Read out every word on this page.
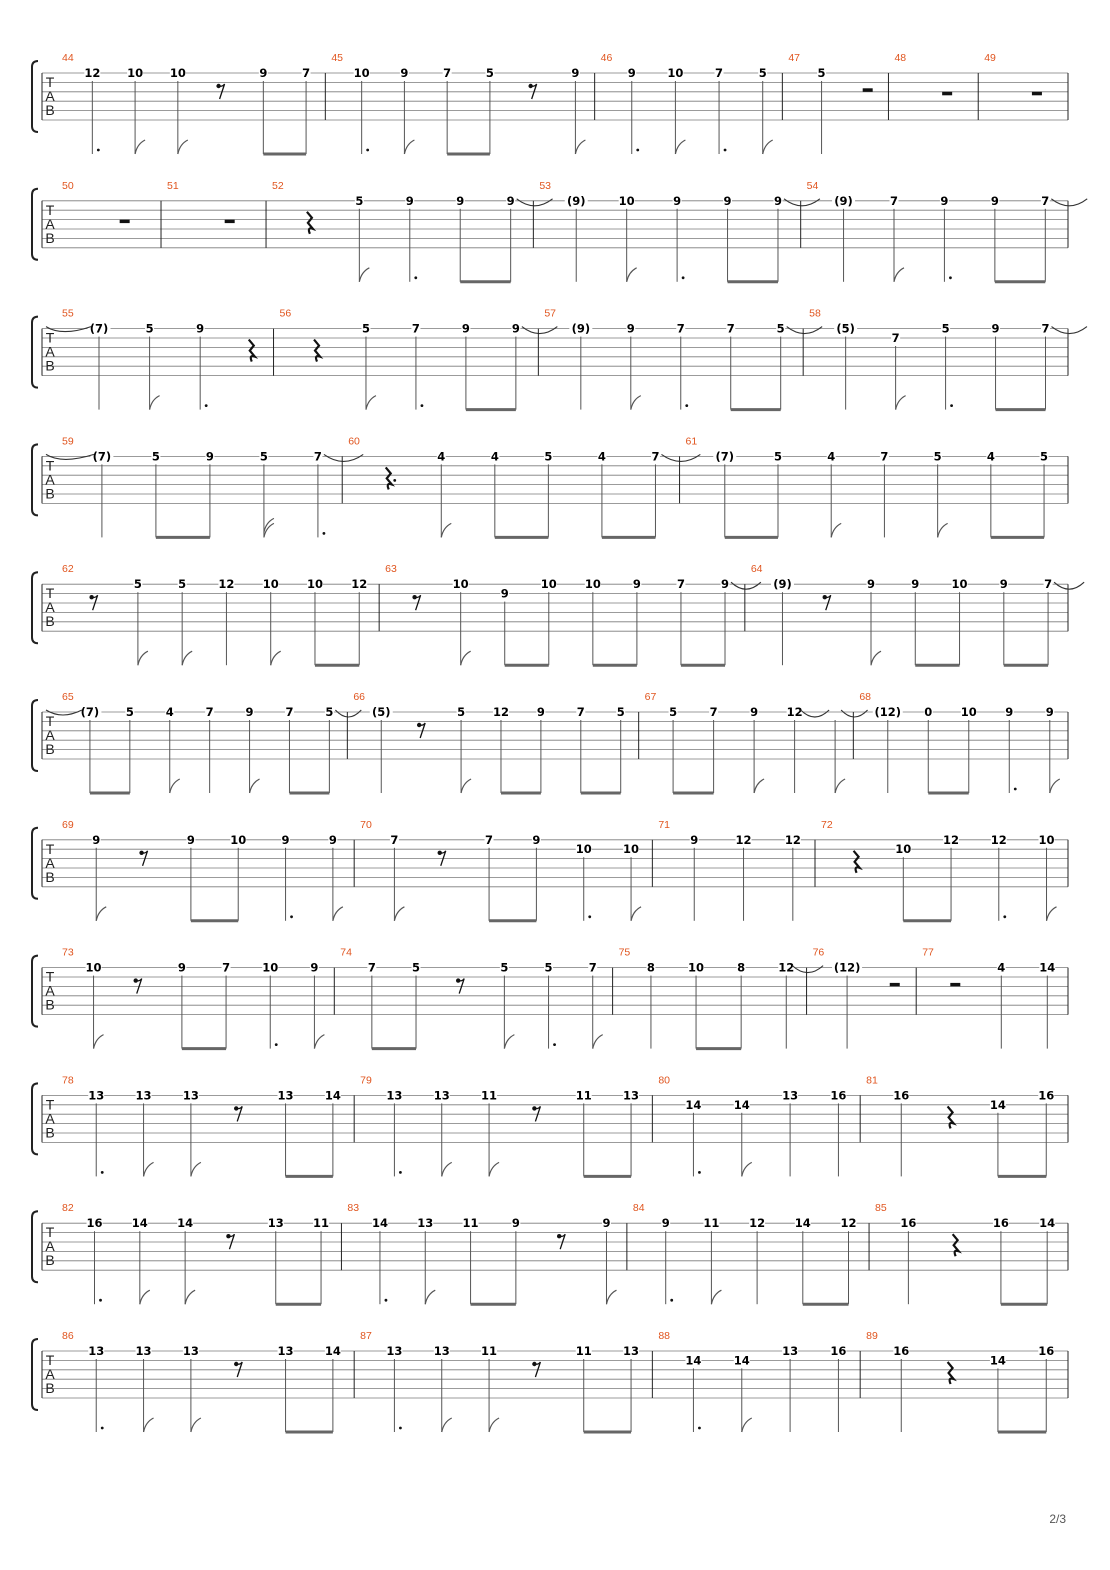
T
A
B
44
12 10 10	9	7
45
10	9	7	5	9
46
9	10	7	5
47
5
48	49
T
A
B
50	51	52
5	9	9	9
53
(9)	10	9	9	9
54
(9)	7	9	9	7
T
A
B
55
(7)	5	9
56
5	7	9	9
57
(9)	9	7	7	5
58
(5)
7
5	9	7
T
A
B
59
(7)	5	9	5	7
60
4	4	5	4	7
61
(7)	5	4	7	5	4	5
T
A
B
62
5	5	12 10 10 12
63
10
9
10 10	9	7	9
64
(9)	9	9	10	9	7
T
A
B
65
(7) 5	4	7	9	7	5
66
(5)	5 12 9	7	5
67
5	7	9 12
68
(12) 0 10 9	9
T
A
B
69
9	9	10	9	9
70
7	7	9
10	10
71
9	12	12
72
10
12	12	10
T
A
B
73
10	9	7	10	9
74
7	5	5	5	7
75
8	10	8	12
76
(12)
77
4	14
T
A
B
78
13	13	13	13	14
79
13	13	11	11	13
80
14	14
13	16
81
16
14
16
T
A
B
82
16	14	14	13	11
83
14	13	11	9	9
84
9	11	12	14	12
85
16	16	14
T
A
B
86
13	13	13	13	14
87
13	13	11	11	13
88
14	14
13	16
89
16
14
16
2/3
